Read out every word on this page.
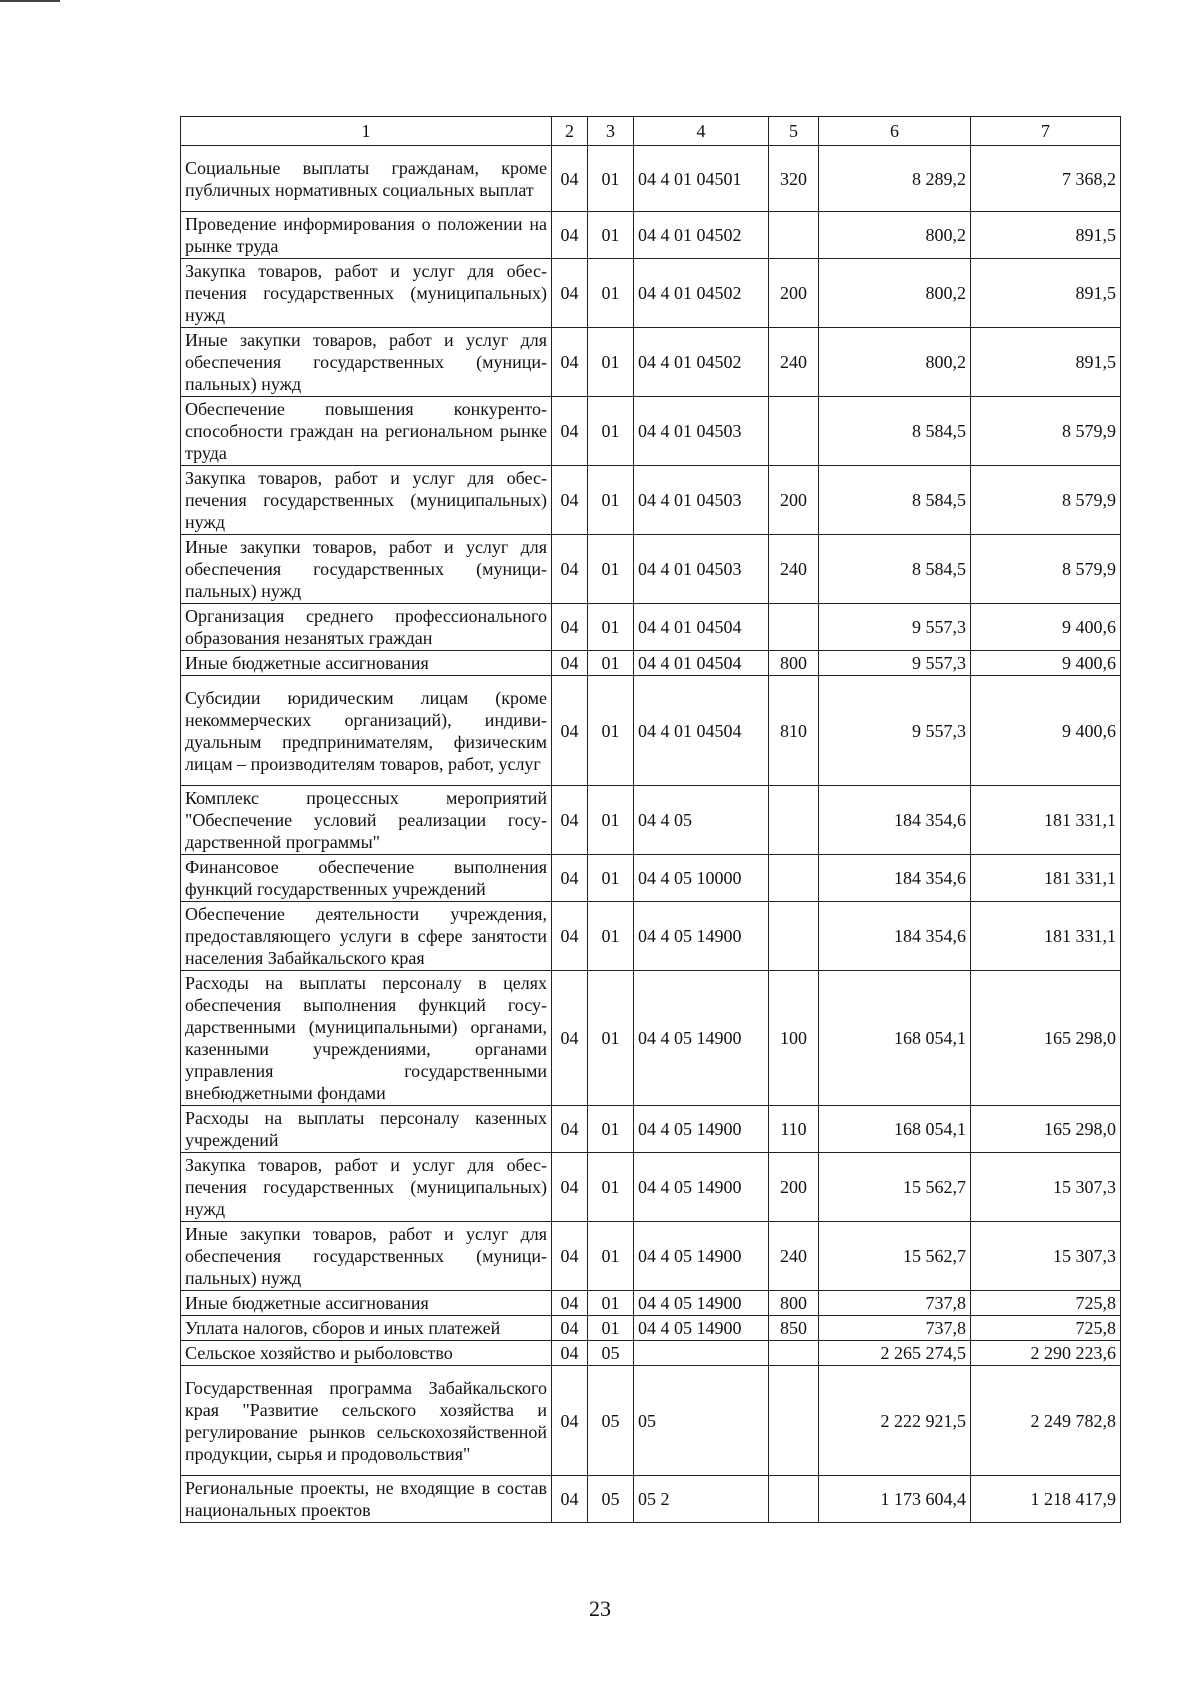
1	2	3	4	5	6	7
Социальные выплаты гражданам, кроме публичных нормативных социальных выплат	04	01	04 4 01 04501	320	8 289,2	7 368,2
Проведение информирования о положении на рынке труда	04	01	04 4 01 04502		800,2	891,5
Закупка товаров, работ и услуг для обеспечения государственных (муниципальных) нужд	04	01	04 4 01 04502	200	800,2	891,5
Иные закупки товаров, работ и услуг для обеспечения государственных (муниципальных) нужд	04	01	04 4 01 04502	240	800,2	891,5
Обеспечение повышения конкурентоспособности граждан на региональном рынке труда	04	01	04 4 01 04503		8 584,5	8 579,9
Закупка товаров, работ и услуг для обеспечения государственных (муниципальных) нужд	04	01	04 4 01 04503	200	8 584,5	8 579,9
Иные закупки товаров, работ и услуг для обеспечения государственных (муниципальных) нужд	04	01	04 4 01 04503	240	8 584,5	8 579,9
Организация среднего профессионального образования незанятых граждан	04	01	04 4 01 04504		9 557,3	9 400,6
Иные бюджетные ассигнования	04	01	04 4 01 04504	800	9 557,3	9 400,6
Субсидии юридическим лицам (кроме некоммерческих организаций), индивидуальным предпринимателям, физическим лицам – производителям товаров, работ, услуг	04	01	04 4 01 04504	810	9 557,3	9 400,6
Комплекс процессных мероприятий "Обеспечение условий реализации государственной программы"	04	01	04 4 05		184 354,6	181 331,1
Финансовое обеспечение выполнения функций государственных учреждений	04	01	04 4 05 10000		184 354,6	181 331,1
Обеспечение деятельности учреждения, предоставляющего услуги в сфере занятости населения Забайкальского края	04	01	04 4 05 14900		184 354,6	181 331,1
Расходы на выплаты персоналу в целях обеспечения выполнения функций государственными (муниципальными) органами, казенными учреждениями, органами управления государственными внебюджетными фондами	04	01	04 4 05 14900	100	168 054,1	165 298,0
Расходы на выплаты персоналу казенных учреждений	04	01	04 4 05 14900	110	168 054,1	165 298,0
Закупка товаров, работ и услуг для обеспечения государственных (муниципальных) нужд	04	01	04 4 05 14900	200	15 562,7	15 307,3
Иные закупки товаров, работ и услуг для обеспечения государственных (муниципальных) нужд	04	01	04 4 05 14900	240	15 562,7	15 307,3
Иные бюджетные ассигнования	04	01	04 4 05 14900	800	737,8	725,8
Уплата налогов, сборов и иных платежей	04	01	04 4 05 14900	850	737,8	725,8
Сельское хозяйство и рыболовство	04	05			2 265 274,5	2 290 223,6
Государственная программа Забайкальского края "Развитие сельского хозяйства и регулирование рынков сельскохозяйственной продукции, сырья и продовольствия"	04	05	05		2 222 921,5	2 249 782,8
Региональные проекты, не входящие в состав национальных проектов	04	05	05 2		1 173 604,4	1 218 417,9
23
